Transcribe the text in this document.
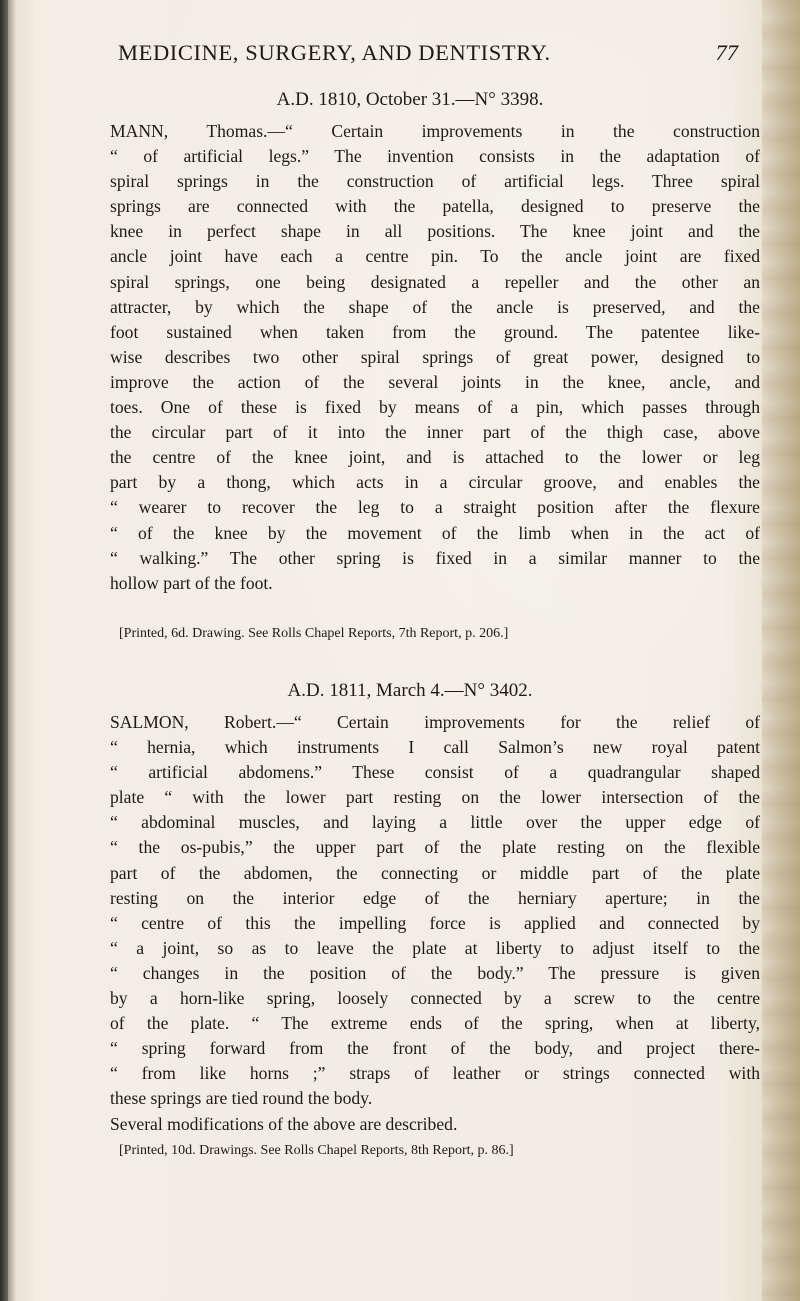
MEDICINE, SURGERY, AND DENTISTRY.	77
A.D. 1810, October 31.—N° 3398.
MANN, Thomas.—“ Certain improvements in the construction
“ of artificial legs.” The invention consists in the adaptation of
spiral springs in the construction of artificial legs. Three spiral
springs are connected with the patella, designed to preserve the
knee in perfect shape in all positions. The knee joint and the
ancle joint have each a centre pin. To the ancle joint are fixed
spiral springs, one being designated a repeller and the other an
attracter, by which the shape of the ancle is preserved, and the
foot sustained when taken from the ground. The patentee like-
wise describes two other spiral springs of great power, designed to
improve the action of the several joints in the knee, ancle, and
toes. One of these is fixed by means of a pin, which passes through
the circular part of it into the inner part of the thigh case, above
the centre of the knee joint, and is attached to the lower or leg
part by a thong, which acts in a circular groove, and enables the
“ wearer to recover the leg to a straight position after the flexure
“ of the knee by the movement of the limb when in the act of
“ walking.” The other spring is fixed in a similar manner to the
hollow part of the foot.
[Printed, 6d. Drawing. See Rolls Chapel Reports, 7th Report, p. 206.]
A.D. 1811, March 4.—N° 3402.
SALMON, Robert.—“ Certain improvements for the relief of
“ hernia, which instruments I call Salmon’s new royal patent
“ artificial abdomens.” These consist of a quadrangular shaped
plate “ with the lower part resting on the lower intersection of the
“ abdominal muscles, and laying a little over the upper edge of
“ the os-pubis,” the upper part of the plate resting on the flexible
part of the abdomen, the connecting or middle part of the plate
resting on the interior edge of the herniary aperture; in the
“ centre of this the impelling force is applied and connected by
“ a joint, so as to leave the plate at liberty to adjust itself to the
“ changes in the position of the body.” The pressure is given
by a horn-like spring, loosely connected by a screw to the centre
of the plate. “ The extreme ends of the spring, when at liberty,
“ spring forward from the front of the body, and project there-
“ from like horns ;” straps of leather or strings connected with
these springs are tied round the body.
Several modifications of the above are described.
[Printed, 10d. Drawings. See Rolls Chapel Reports, 8th Report, p. 86.]
